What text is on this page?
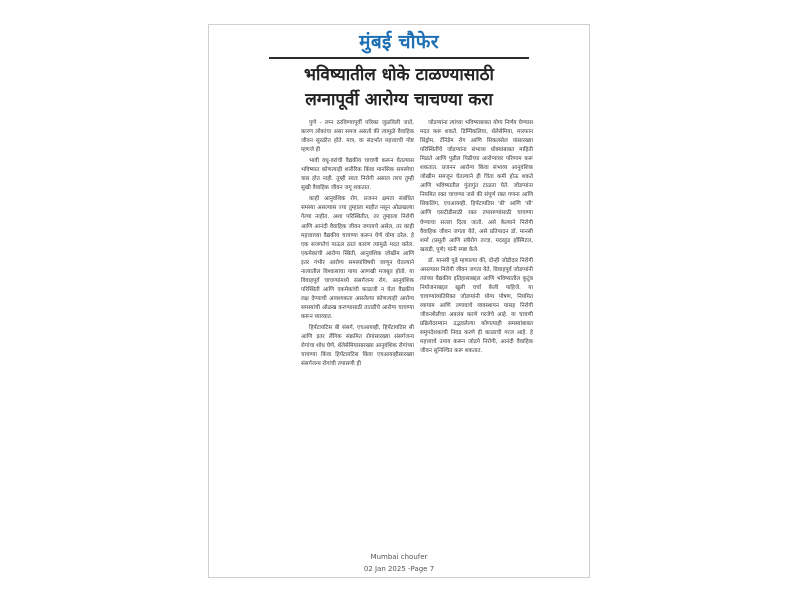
मुंबई चौफेर
भविष्यातील धोके टाळण्यासाठी
लग्नापूर्वी आरोग्य चाचण्या करा

पुणे - लग्न ठरविण्यापूर्वी पत्रिका जुळविली जाते, कारण लोकांचा असा समज असतो की त्यामुळे वैवाहिक जीवन सुरळीत होते. मात्र, या संदर्भात महत्त्वाची गोष्ट म्हणजे ही

भावी वधू-वरांची वैद्यकीय चाचणी करून घेतल्यास भविष्यात कोणत्याही शारीरिक किंवा मानसिक समस्येचा त्रास होत नाही. तुम्ही स्वतः निरोगी असाल तरच तुम्ही सुखी वैवाहिक जीवन जगू शकतात.

काही आनुवंशिक रोग, प्रजनन क्षमता संबंधित समस्या असल्यास ज्या तुम्हाला माहीत नसून ओळखल्या गेल्या नाहीत. अशा परिस्थितीत, तर तुम्हाला निरोगी आणि आनंदी वैवाहिक जीवन जगायचे असेल, तर काही महत्त्वाच्या वैद्यकीय चाचण्या करून घेणे योग्य ठरेल. हे एक सजगतेचं पाऊल ठरतं कारण त्यामुळे मदत करेल. एकमेकांची आरोग्य स्थिती, आनुवंशिक जोखीम आणि इतर गंभीर आरोग्य समस्यांविषयी जाणून घेतल्याने नात्यातील विश्वासाचा पाया आणखी मजबूत होतो. या विवाहपूर्व चाचण्यांमध्ये संसर्गजन्य रोग, आनुवंशिक परिस्थिती आणि एकमेकांची काळजी न घेता वैद्यकीय लक्ष देण्याची आवश्यकता असलेल्या कोणत्याही आरोग्य समस्यांची ओळख करण्यासाठी तातडीचे आरोग्य चाचण्या करून घ्याव्यात.

हिपॅटायटिस बी संसर्ग, एचआयव्ही, हिपॅटायटिस सी आणि इतर लैंगिक संक्रमित रोगांसारख्या संसर्गजन्य रोगांचा शोध घेणे, थॅलेसेमियासारख्या आनुवंशिक रोगांच्या चाचण्या किंवा हिपॅटायटिस किंवा एचआयव्हीसारख्या संसर्गजन्य रोगांची तपासणी ही

जोडप्यांना त्यांच्या भविष्याबाबत योग्य निर्णय घेण्यास मदत करू शकते. डिम्पिंकलिया, थॅलेसेमिया, मारफान सिंड्रोम, टॅनिंडेम रोग आणि सिकलसेल यांसारख्या परिस्थितींचे जोडप्यांना संभाव्य धोक्यांबाबत माहिती मिळते आणि पुढील पिढीच्या आरोग्यावर परिणाम करू शकतात. प्रजनन आरोग्य किंवा संभाव्य आनुवंशिक जोखीम समजून घेतल्याने ही चिंता कमी होऊ शकते आणि भविष्यातील गुंतागुंत टाळता येते. जोडप्यांना नियमित रक्त चाचण्या जसे की संपूर्ण रक्त गणना आणि सिकलिंग, एचआयव्ही, हिपॅटायटिस 'बी' आणि 'सी' आणि एसटीडीसाठी रक्त तपासण्यांसाठी चाचण्या घेण्याचा सल्ला दिला जातो. असे केल्याने निरोगी वैवाहिक जीवन जगता येते, असे प्रतिपादन डॉ. मानसी शर्मा (प्रसूती आणि स्त्रीरोग तज्ज्ञ, मदरहुड हॉस्पिटल, खराडी, पुणे) यांनी स्पष्ट केले.

डॉ. मानसी पुढे म्हणाल्या की, दोन्ही जोडीदार निरोगी असल्यास निरोगी जीवन जगता येते. विवाहपूर्व जोडप्यांनी त्यांच्या वैद्यकीय इतिहासाबद्दल आणि भविष्यातील कुटुंब नियोजनाबद्दल खुली चर्चा केली पाहिजे. या चाचण्यांव्यतिरिक्त जोडप्यांनी योग्य पोषण, नियमित व्यायाम आणि तणावाचे व्यवस्थापन यासह निरोगी जीवनशैलीचा अवलंब करणे गरजेचे आहे. या चाचणी प्रक्रियेदरम्यान उद्भवलेल्या कोणत्याही समस्यांबाबत समुपदेशकाची निवड करणे ही काळाची गरज आहे. हे महत्त्वाचे उपाय करून जोडपे निरोगी, आनंदी वैवाहिक जीवन सुनिश्चित करू शकतात.

Mumbai choufer
02 Jan 2025 -Page 7
